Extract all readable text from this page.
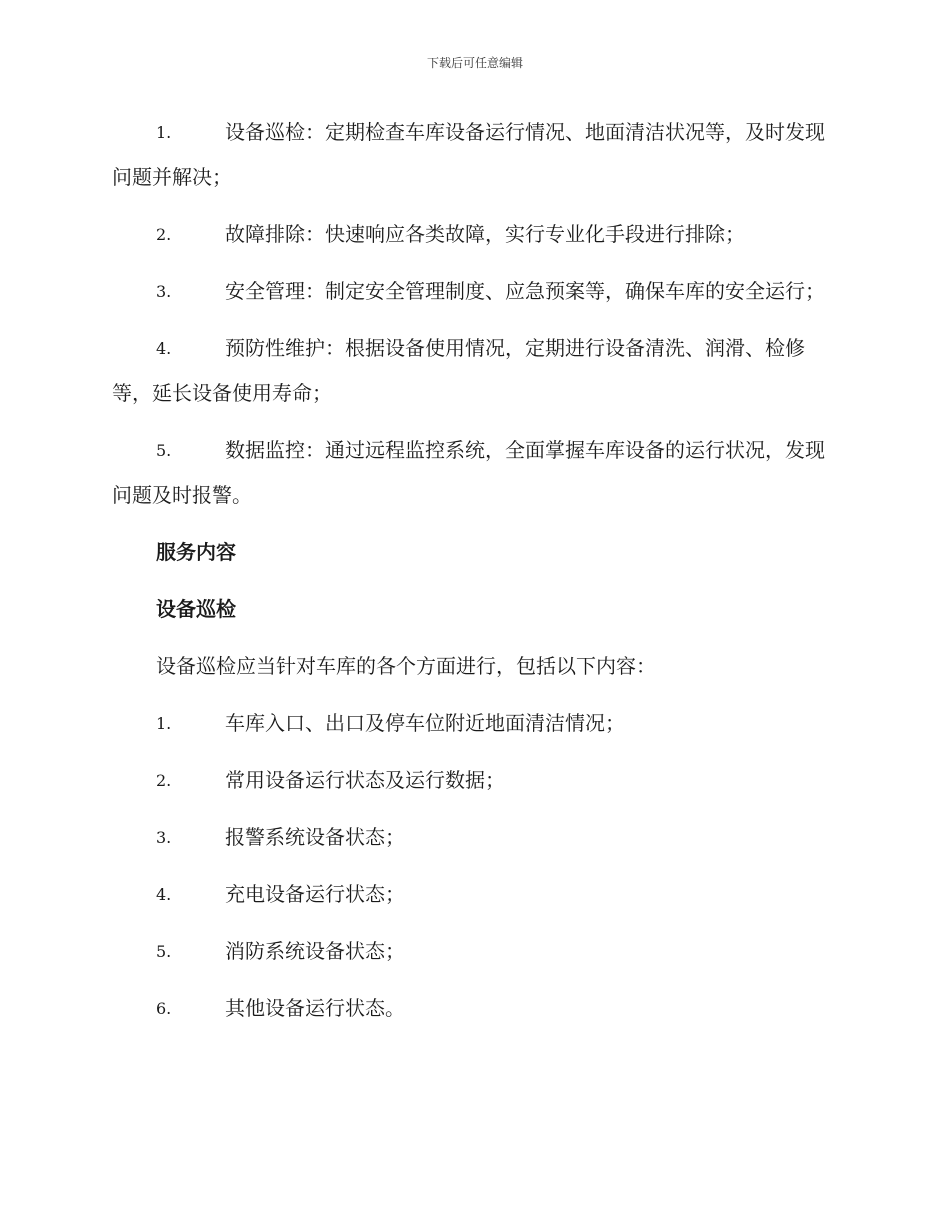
下载后可任意编辑
1.	设备巡检：定期检查车库设备运行情况、地面清洁状况等，及时发现问题并解决；
2.	故障排除：快速响应各类故障，实行专业化手段进行排除；
3.	安全管理：制定安全管理制度、应急预案等，确保车库的安全运行；
4.	预防性维护：根据设备使用情况，定期进行设备清洗、润滑、检修等，延长设备使用寿命；
5.	数据监控：通过远程监控系统，全面掌握车库设备的运行状况，发现问题及时报警。
服务内容
设备巡检
设备巡检应当针对车库的各个方面进行，包括以下内容：
1.	车库入口、出口及停车位附近地面清洁情况；
2.	常用设备运行状态及运行数据；
3.	报警系统设备状态；
4.	充电设备运行状态；
5.	消防系统设备状态；
6.	其他设备运行状态。
